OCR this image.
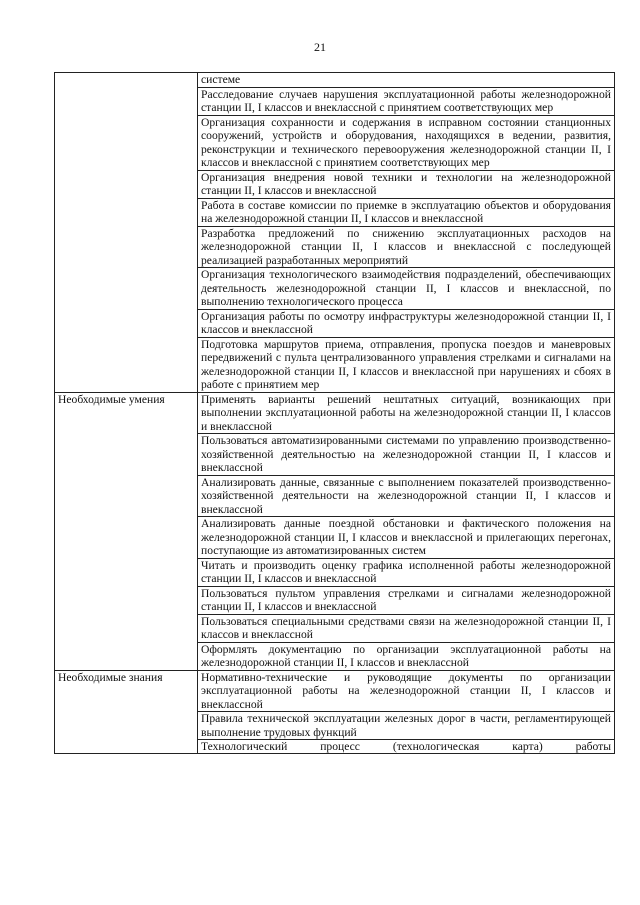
21
	системе
	Расследование случаев нарушения эксплуатационной работы железнодорожной станции II, I классов и внеклассной с принятием соответствующих мер
	Организация сохранности и содержания в исправном состоянии станционных сооружений, устройств и оборудования, находящихся в ведении, развития, реконструкции и технического перевооружения железнодорожной станции II, I классов и внеклассной с принятием соответствующих мер
	Организация внедрения новой техники и технологии на железнодорожной станции II, I классов и внеклассной
	Работа в составе комиссии по приемке в эксплуатацию объектов и оборудования на железнодорожной станции II, I классов и внеклассной
	Разработка предложений по снижению эксплуатационных расходов на железнодорожной станции II, I классов и внеклассной с последующей реализацией разработанных мероприятий
	Организация технологического взаимодействия подразделений, обеспечивающих деятельность железнодорожной станции II, I классов и внеклассной, по выполнению технологического процесса
	Организация работы по осмотру инфраструктуры железнодорожной станции II, I классов и внеклассной
	Подготовка маршрутов приема, отправления, пропуска поездов и маневровых передвижений с пульта централизованного управления стрелками и сигналами на железнодорожной станции II, I классов и внеклассной при нарушениях и сбоях в работе с принятием мер
Необходимые умения	Применять варианты решений нештатных ситуаций, возникающих при выполнении эксплуатационной работы на железнодорожной станции II, I классов и внеклассной
	Пользоваться автоматизированными системами по управлению производственно-хозяйственной деятельностью на железнодорожной станции II, I классов и внеклассной
	Анализировать данные, связанные с выполнением показателей производственно-хозяйственной деятельности на железнодорожной станции II, I классов и внеклассной
	Анализировать данные поездной обстановки и фактического положения на железнодорожной станции II, I классов и внеклассной и прилегающих перегонах, поступающие из автоматизированных систем
	Читать и производить оценку графика исполненной работы железнодорожной станции II, I классов и внеклассной
	Пользоваться пультом управления стрелками и сигналами железнодорожной станции II, I классов и внеклассной
	Пользоваться специальными средствами связи на железнодорожной станции II, I классов и внеклассной
	Оформлять документацию по организации эксплуатационной работы на железнодорожной станции II, I классов и внеклассной
Необходимые знания	Нормативно-технические и руководящие документы по организации эксплуатационной работы на железнодорожной станции II, I классов и внеклассной
	Правила технической эксплуатации железных дорог в части, регламентирующей выполнение трудовых функций

	Технологический процесс (технологическая карта) работы
